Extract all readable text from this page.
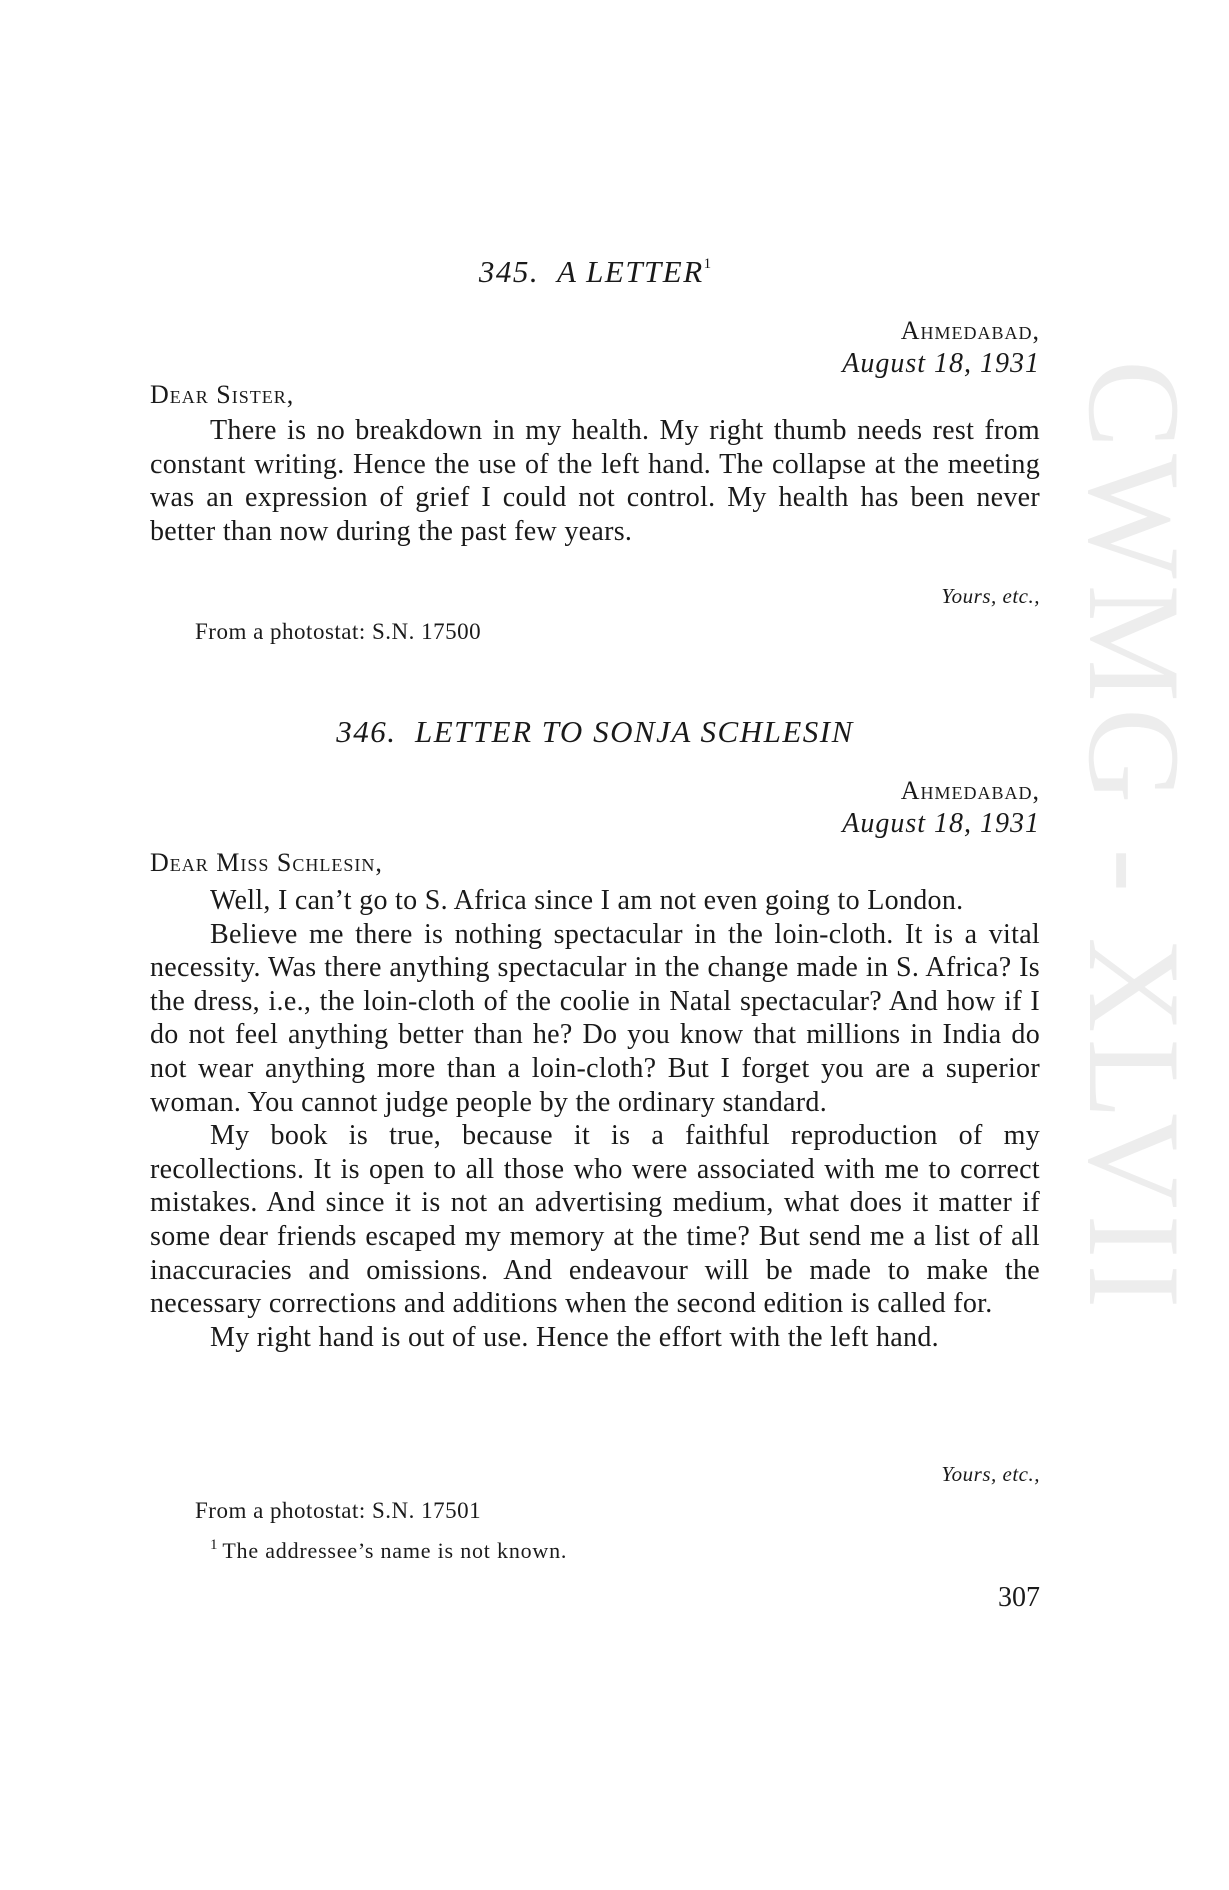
CWMG - XLVII
345. A LETTER$^1$
Ahmedabad,
August 18, 1931
Dear Sister,

There is no breakdown in my health. My right thumb needs rest from constant writing. Hence the use of the left hand. The collapse at the meeting was an expression of grief I could not control. My health has been never better than now during the past few years.

Yours, etc.,
From a photostat: S.N. 17500
346. LETTER TO SONJA SCHLESIN
Ahmedabad,
August 18, 1931
Dear Miss Schlesin,

Well, I can’t go to S. Africa since I am not even going to London.

Believe me there is nothing spectacular in the loin-cloth. It is a vital necessity. Was there anything spectacular in the change made in S. Africa? Is the dress, i.e., the loin-cloth of the coolie in Natal spectacular? And how if I do not feel anything better than he? Do you know that millions in India do not wear anything more than a loin-cloth? But I forget you are a superior woman. You cannot judge people by the ordinary standard.

My book is true, because it is a faithful reproduction of my recollections. It is open to all those who were associated with me to correct mistakes. And since it is not an advertising medium, what does it matter if some dear friends escaped my memory at the time? But send me a list of all inaccuracies and omissions. And endeavour will be made to make the necessary corrections and additions when the second edition is called for.

My right hand is out of use. Hence the effort with the left hand.

Yours, etc.,
From a photostat: S.N. 17501
$^1$ The addressee’s name is not known.
307
